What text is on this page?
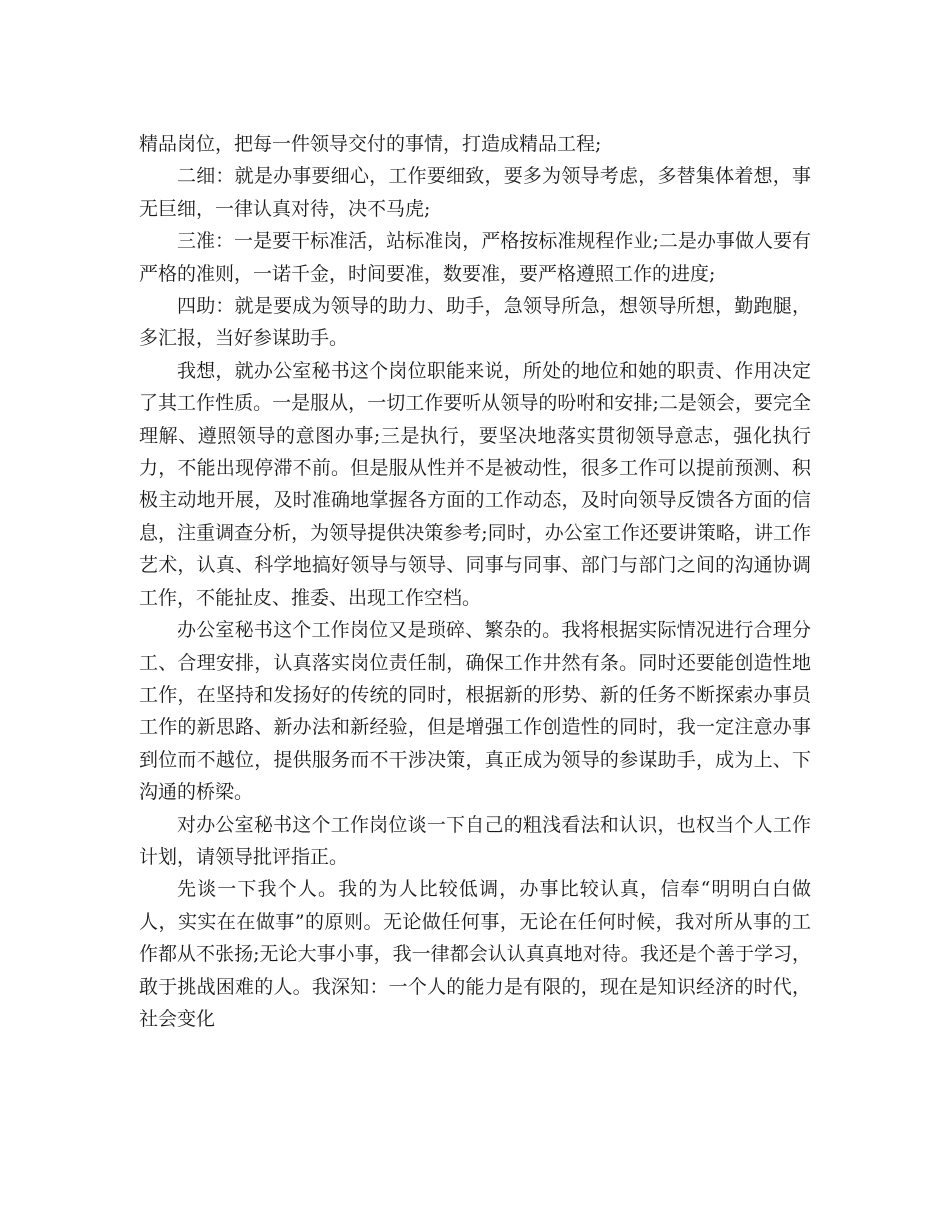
精品岗位，把每一件领导交付的事情，打造成精品工程;

二细：就是办事要细心，工作要细致，要多为领导考虑，多替集体着想，事无巨细，一律认真对待，决不马虎;

三准：一是要干标准活，站标准岗，严格按标准规程作业;二是办事做人要有严格的准则，一诺千金，时间要准，数要准，要严格遵照工作的进度;

四助：就是要成为领导的助力、助手，急领导所急，想领导所想，勤跑腿，多汇报，当好参谋助手。

我想，就办公室秘书这个岗位职能来说，所处的地位和她的职责、作用决定了其工作性质。一是服从，一切工作要听从领导的吩咐和安排;二是领会，要完全理解、遵照领导的意图办事;三是执行，要坚决地落实贯彻领导意志，强化执行力，不能出现停滞不前。但是服从性并不是被动性，很多工作可以提前预测、积极主动地开展，及时准确地掌握各方面的工作动态，及时向领导反馈各方面的信息，注重调查分析，为领导提供决策参考;同时，办公室工作还要讲策略，讲工作艺术，认真、科学地搞好领导与领导、同事与同事、部门与部门之间的沟通协调工作，不能扯皮、推委、出现工作空档。

办公室秘书这个工作岗位又是琐碎、繁杂的。我将根据实际情况进行合理分工、合理安排，认真落实岗位责任制，确保工作井然有条。同时还要能创造性地工作，在坚持和发扬好的传统的同时，根据新的形势、新的任务不断探索办事员工作的新思路、新办法和新经验，但是增强工作创造性的同时，我一定注意办事到位而不越位，提供服务而不干涉决策，真正成为领导的参谋助手，成为上、下沟通的桥梁。

对办公室秘书这个工作岗位谈一下自己的粗浅看法和认识，也权当个人工作计划，请领导批评指正。

先谈一下我个人。我的为人比较低调，办事比较认真，信奉“明明白白做人，实实在在做事”的原则。无论做任何事，无论在任何时候，我对所从事的工作都从不张扬;无论大事小事，我一律都会认认真真地对待。我还是个善于学习，敢于挑战困难的人。我深知：一个人的能力是有限的，现在是知识经济的时代，社会变化
